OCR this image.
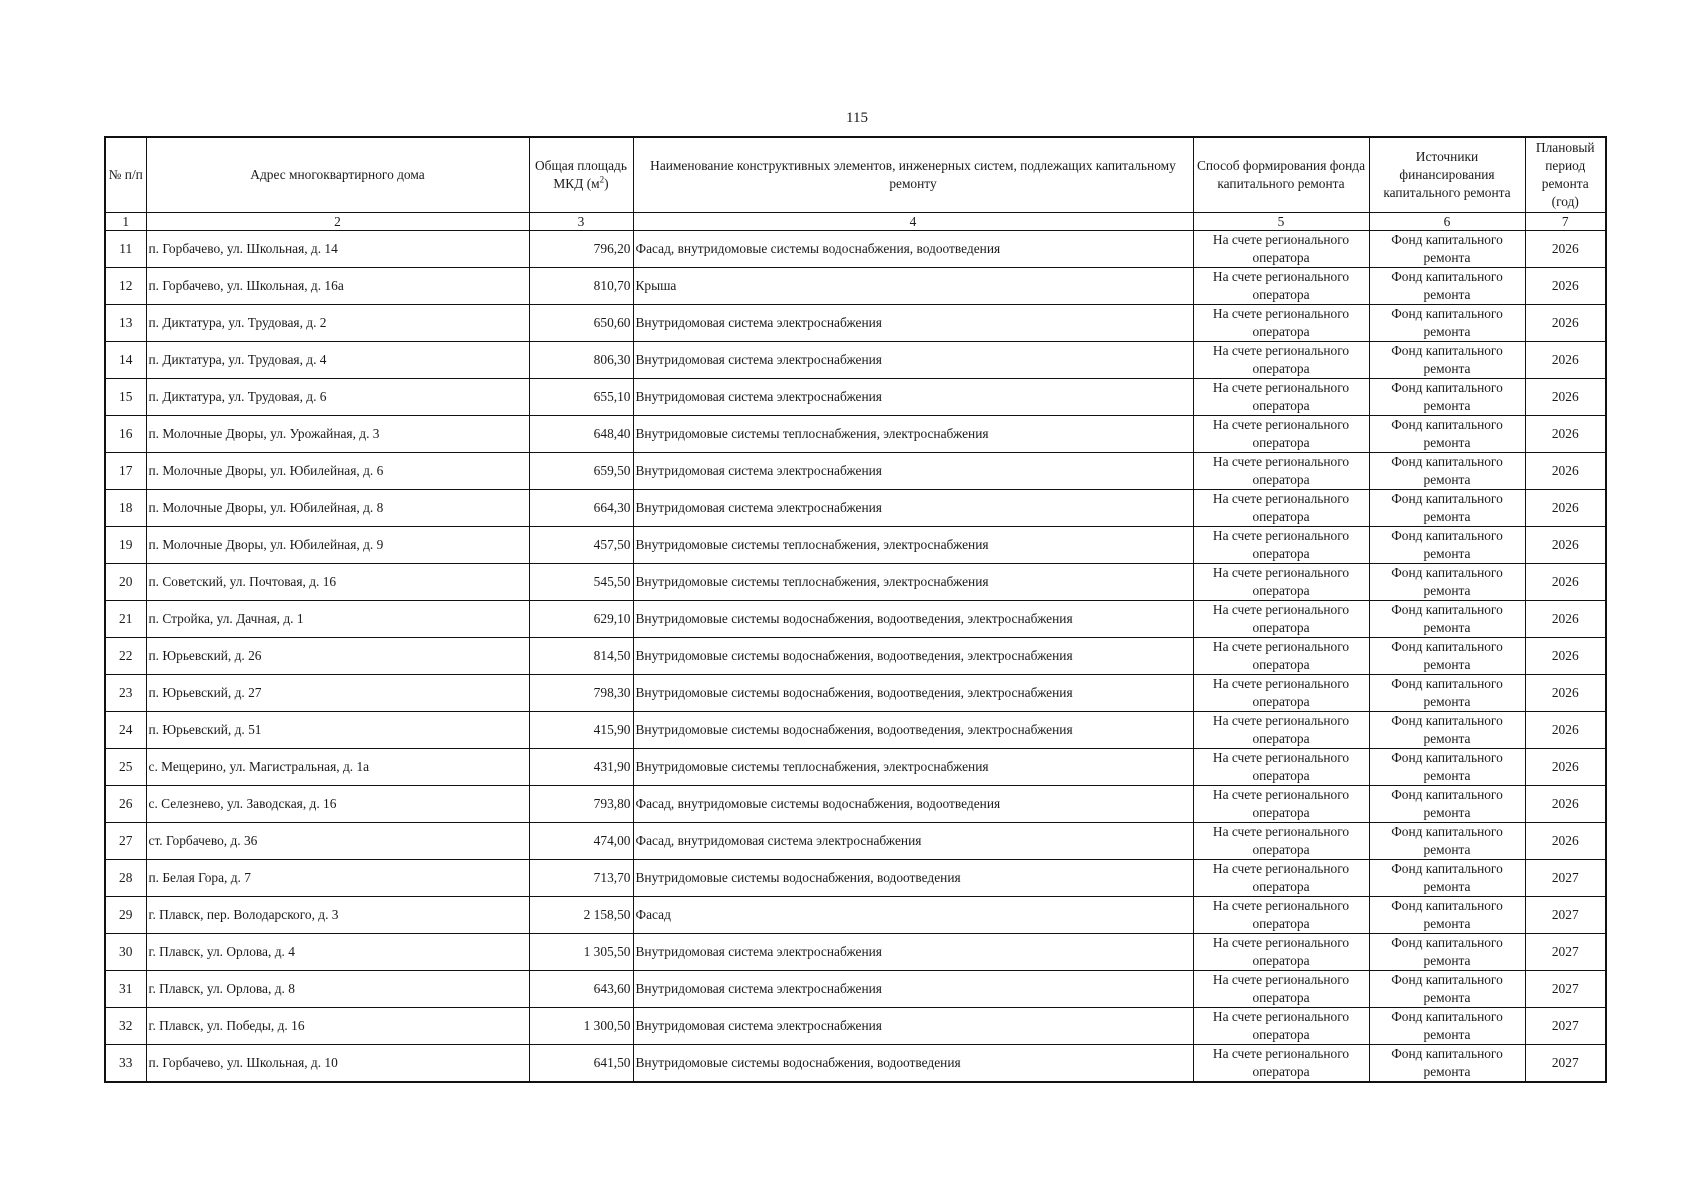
115
№ п/п	Адрес многоквартирного дома	Общая площадь МКД $(м^2)$	Наименование конструктивных элементов, инженерных систем, подлежащих капитальному ремонту	Способ формирования фонда капитального ремонта	Источники финансирования капитального ремонта	Плановый период ремонта (год)
1	2	3	4	5	6	7
11	п. Горбачево, ул. Школьная, д. 14	796,20	Фасад, внутридомовые системы водоснабжения, водоотведения	На счете регионального оператора	Фонд капитального ремонта	2026
12	п. Горбачево, ул. Школьная, д. 16а	810,70	Крыша	На счете регионального оператора	Фонд капитального ремонта	2026
13	п. Диктатура, ул. Трудовая, д. 2	650,60	Внутридомовая система электроснабжения	На счете регионального оператора	Фонд капитального ремонта	2026
14	п. Диктатура, ул. Трудовая, д. 4	806,30	Внутридомовая система электроснабжения	На счете регионального оператора	Фонд капитального ремонта	2026
15	п. Диктатура, ул. Трудовая, д. 6	655,10	Внутридомовая система электроснабжения	На счете регионального оператора	Фонд капитального ремонта	2026
16	п. Молочные Дворы, ул. Урожайная, д. 3	648,40	Внутридомовые системы теплоснабжения, электроснабжения	На счете регионального оператора	Фонд капитального ремонта	2026
17	п. Молочные Дворы, ул. Юбилейная, д. 6	659,50	Внутридомовая система электроснабжения	На счете регионального оператора	Фонд капитального ремонта	2026
18	п. Молочные Дворы, ул. Юбилейная, д. 8	664,30	Внутридомовая система электроснабжения	На счете регионального оператора	Фонд капитального ремонта	2026
19	п. Молочные Дворы, ул. Юбилейная, д. 9	457,50	Внутридомовые системы теплоснабжения, электроснабжения	На счете регионального оператора	Фонд капитального ремонта	2026
20	п. Советский, ул. Почтовая, д. 16	545,50	Внутридомовые системы теплоснабжения, электроснабжения	На счете регионального оператора	Фонд капитального ремонта	2026
21	п. Стройка, ул. Дачная, д. 1	629,10	Внутридомовые системы водоснабжения, водоотведения, электроснабжения	На счете регионального оператора	Фонд капитального ремонта	2026
22	п. Юрьевский, д. 26	814,50	Внутридомовые системы водоснабжения, водоотведения, электроснабжения	На счете регионального оператора	Фонд капитального ремонта	2026
23	п. Юрьевский, д. 27	798,30	Внутридомовые системы водоснабжения, водоотведения, электроснабжения	На счете регионального оператора	Фонд капитального ремонта	2026
24	п. Юрьевский, д. 51	415,90	Внутридомовые системы водоснабжения, водоотведения, электроснабжения	На счете регионального оператора	Фонд капитального ремонта	2026
25	с. Мещерино, ул. Магистральная, д. 1а	431,90	Внутридомовые системы теплоснабжения, электроснабжения	На счете регионального оператора	Фонд капитального ремонта	2026
26	с. Селезнево, ул. Заводская, д. 16	793,80	Фасад, внутридомовые системы водоснабжения, водоотведения	На счете регионального оператора	Фонд капитального ремонта	2026
27	ст. Горбачево, д. 36	474,00	Фасад, внутридомовая система электроснабжения	На счете регионального оператора	Фонд капитального ремонта	2026
28	п. Белая Гора, д. 7	713,70	Внутридомовые системы водоснабжения, водоотведения	На счете регионального оператора	Фонд капитального ремонта	2027
29	г. Плавск, пер. Володарского, д. 3	2 158,50	Фасад	На счете регионального оператора	Фонд капитального ремонта	2027
30	г. Плавск, ул. Орлова, д. 4	1 305,50	Внутридомовая система электроснабжения	На счете регионального оператора	Фонд капитального ремонта	2027
31	г. Плавск, ул. Орлова, д. 8	643,60	Внутридомовая система электроснабжения	На счете регионального оператора	Фонд капитального ремонта	2027
32	г. Плавск, ул. Победы, д. 16	1 300,50	Внутридомовая система электроснабжения	На счете регионального оператора	Фонд капитального ремонта	2027
33	п. Горбачево, ул. Школьная, д. 10	641,50	Внутридомовые системы водоснабжения, водоотведения	На счете регионального оператора	Фонд капитального ремонта	2027
